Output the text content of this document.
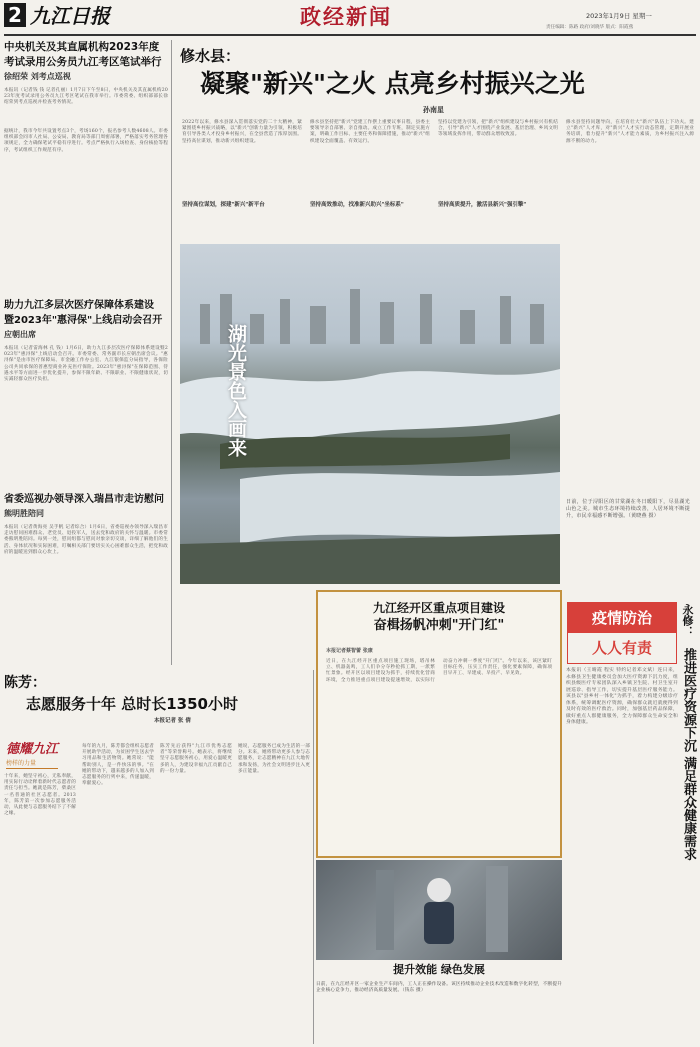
2 九江日报	政经新闻	2023年1月9日 星期一
责任编辑：陈路 政府/刘晓华 版式：阳霞燕
中央机关及其直属机构2023年度
考试录用公务员九江考区笔试举行
徐绍荣 刘考点巡视
本报讯（记者钱 钱 记者孔丽）1月7日下午至8日，中央机关及其直属机构2023年度考试录用公务员九江考区笔试在我市举行。市委常委、组织部部长徐绍荣到考点巡视并检查考务情况。
据统计，我市今年共设置考点3个，考场160个，报名参考人数4608人。市委组织部会同市人社局、公安局、教育局等部门周密部署，严格落实考务管理各项规定，全力确保笔试平稳有序进行。考点严格执行入场检查、身份核验等程序，考试组织工作规范有序。
助力九江多层次医疗保障体系建设
暨2023年"惠浔保"上线启动会召开
应朝出席
本报讯（记者雷海林 孔 钱）1月6日，助力九江多层次医疗保障体系建设暨2023年"惠浔保"上线启动会召开。市委常委、常务副市长应朝出席会议。"惠浔保"是由市医疗保障局、市金融工作办公室、九江银保监分局指导，各保险公司共同承保的普惠型商业补充医疗保险。2023年"惠浔保"在保障范围、待遇水平等方面进一步优化提升，参保不限年龄、不限职业、不限健康状况，切实减轻群众医疗负担。
省委巡视办领导深入瑞昌市走访慰问
熊明胜陪同
本报讯（记者黄海亮 吴手帆 记者综合）1月6日，省委巡视办领导深入瑞昌市走访慰问困难群众、老党员、退役军人，送去党和政府的关怀与温暖。市委常委熊明胜陪同。每到一处，慰问组都与慰问对象亲切交谈，详细了解他们的生活、身体状况和实际困难，叮嘱相关部门要切实关心困难群众生活，把党和政府的温暖送到群众心坎上。
修水县：
凝聚"新兴"之火 点亮乡村振兴之光
孙南星
2022年以来，修水县深入贯彻落实党的二十大精神，紧紧围绕乡村振兴战略，以"新兴"创新力量为引领，积极培育引导各类人才投身乡村振兴，在全县营造了浓厚氛围。坚持高位谋划，推动新兴组织建设。
坚持高位谋划，探建"新兴"新平台
修水县坚持把"新兴"党建工作摆上重要议事日程，县委主要领导亲自部署、亲自推动。成立工作专班，制定实施方案，明确工作目标、主要任务和保障措施，推动"新兴"组织建设全面覆盖、有效运行。
坚持高效推动，找准新兴助兴"坐标系"
坚持以党建为引领，把"新兴"组织建设与乡村振兴有机结合，引导"新兴"人才围绕产业发展、基层治理、乡风文明等领域发挥作用，带动群众增收致富。
坚持高质提升，激活县新兴"强引擎"
修水县坚持问题导向，在培育壮大"新兴"队伍上下功夫。建立"新兴"人才库，对"新兴"人才实行动态管理，定期开展业务培训，着力提升"新兴"人才能力素质，为乡村振兴注入源源不断的动力。
湖光景色入画来
日前，位于浔阳区的甘棠湖在冬日暖阳下，尽显湖光山色之美。城市生态环境持续改善，人居环境不断提升，市民幸福感不断增强。（黄晓燕 摄）
九江经开区重点项目建设
奋楫扬帆冲刺"开门红"
本报记者蔡智蕾 张康
近日，在九江经开区重点项目施工现场，塔吊林立、机器轰鸣，工人们争分夺秒抢抓工期，一派繁忙景象。经开区以项目建设为抓手，持续优化营商环境，全力推进重点项目建设提速增效，以实际行动奋力冲刺一季度"开门红"。今年以来，该区紧盯目标任务，压实工作责任，强化要素保障，确保项目早开工、早建成、早投产、早见效。
提升效能 绿色发展
日前，在九江经开区一家企业生产车间内，工人正在操作设备。该区持续推动企业技术改造和数字化转型，不断提升企业核心竞争力，推动经济高质量发展。（钱东 摄）
陈芳：
志愿服务十年 总时长1350小时
本报记者 张 倩
德耀九江
榜样的力量
十年来，她坚守初心，无私奉献，用实际行动诠释着新时代志愿者的责任与担当。她就是陈芳，柴桑区一名普通的社区志愿者。2013年，陈芳第一次参加志愿服务活动，从此便与志愿服务结下了不解之缘。
每年的九月，陈芳都会组织志愿者开展助学活动，为贫困学生送去学习用品和生活物资。她常说："能帮助别人，是一件快乐的事。"在她的带动下，越来越多的人加入到志愿服务的行列中来，传递温暖，奉献爱心。
陈芳先后获得"九江市优秀志愿者"等荣誉称号。她表示，将继续坚守志愿服务初心，用爱心温暖更多的人，为建设幸福九江贡献自己的一份力量。
她说，志愿服务已成为生活的一部分。未来，她将带动更多人参与志愿服务，让志愿精神在九江大地传承和发扬，为社会文明进步注入更多正能量。
疫情防治
人人有责
本报讯（王晴霞 程实 特约记者邓文斌）连日来，永修县卫生健康委员会加大医疗资源下沉力度，组织县级医疗专家团队深入乡镇卫生院、村卫生室开展巡诊、指导工作，切实提升基层医疗服务能力。该县以"县乡村一体化"为抓手，着力构建分级诊疗体系，统筹调配医疗资源，确保群众就近就便得到及时有效的医疗救治。同时，加强基层药品保障，做好重点人群健康服务，全力保障群众生命安全和身体健康。
永修：
推进医疗资源下沉 满足群众健康需求
